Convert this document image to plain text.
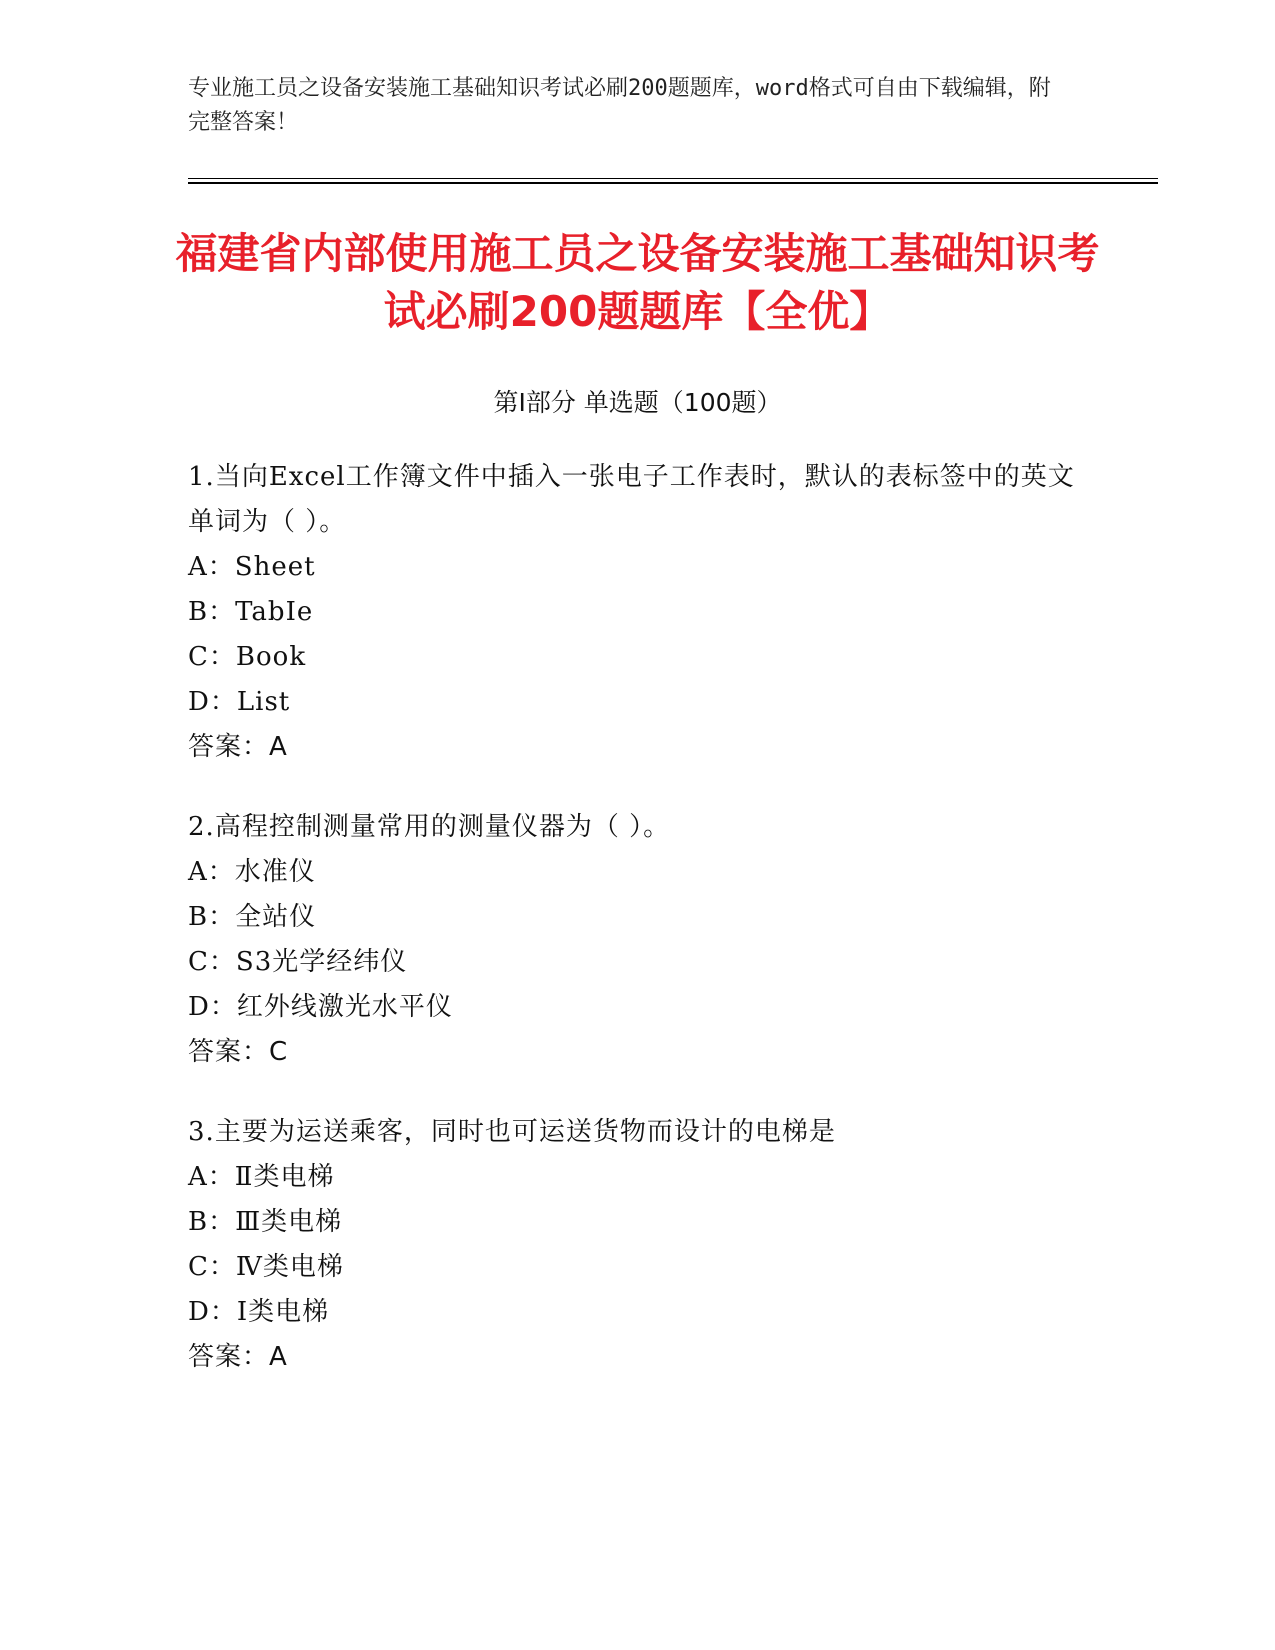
专业施工员之设备安装施工基础知识考试必刷200题题库，word格式可自由下载编辑，附完整答案！
福建省内部使用施工员之设备安装施工基础知识考试必刷200题题库【全优】
第Ⅰ部分 单选题（100题）
1.当向Excel工作簿文件中插入一张电子工作表时，默认的表标签中的英文单词为（ ）。
A：Sheet
B：TabIe
C：Book
D：List
答案：A
2.高程控制测量常用的测量仪器为（ ）。
A：水准仪
B：全站仪
C：S3光学经纬仪
D：红外线激光水平仪
答案：C
3.主要为运送乘客，同时也可运送货物而设计的电梯是
A：Ⅱ类电梯
B：Ⅲ类电梯
C：Ⅳ类电梯
D：Ⅰ类电梯
答案：A
